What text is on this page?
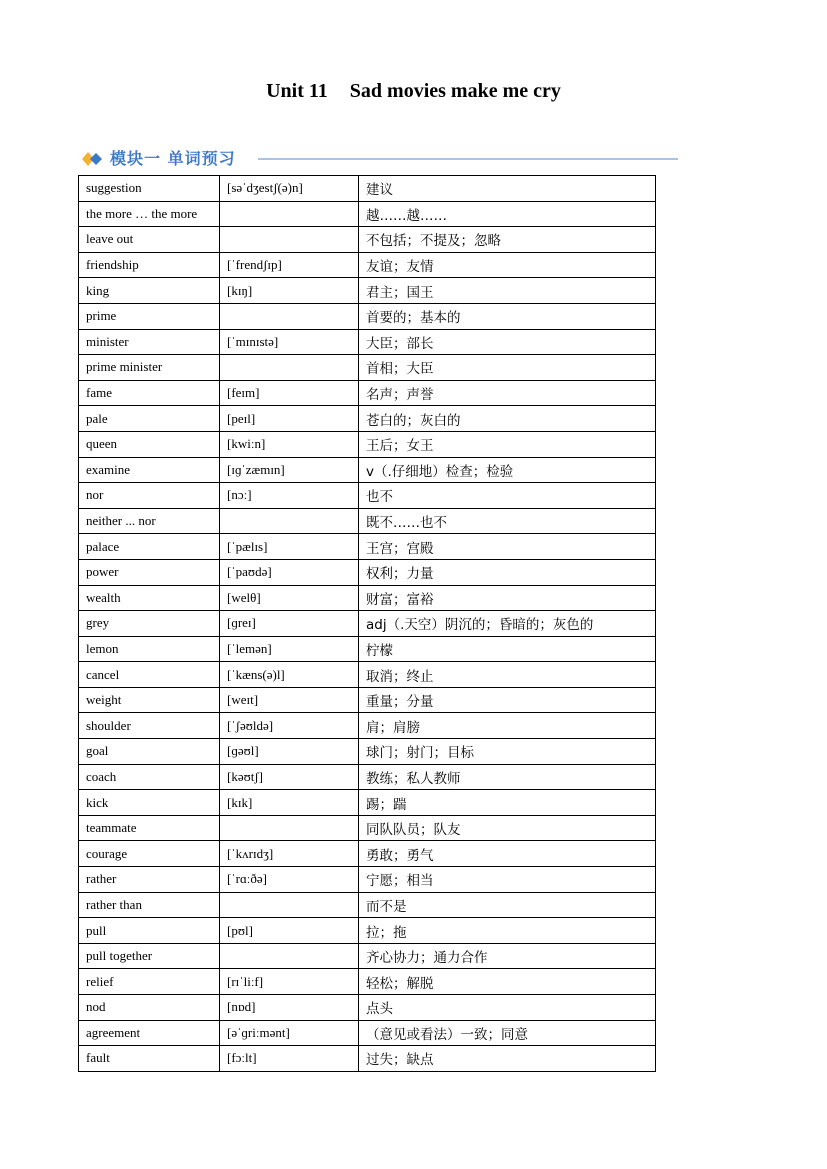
Unit 11 Sad movies make me cry
模块一 单词预习
suggestion	[səˈdʒestʃ(ə)n]	建议
the more … the more		越……越……
leave out		不包括；不提及；忽略
friendship	[ˈfrendʃɪp]	友谊；友情
king	[kɪŋ]	君主；国王
prime		首要的；基本的
minister	[ˈmɪnɪstə]	大臣；部长
prime minister		首相；大臣
fame	[feɪm]	名声；声誉
pale	[peɪl]	苍白的；灰白的
queen	[kwiːn]	王后；女王
examine	[ɪɡˈzæmɪn]	v（.仔细地）检查；检验
nor	[nɔː]	也不
neither ... nor		既不……也不
palace	[ˈpælɪs]	王宫；宫殿
power	[ˈpaʊdə]	权利；力量
wealth	[welθ]	财富；富裕
grey	[ɡreɪ]	adj（.天空）阴沉的；昏暗的；灰色的
lemon	[ˈlemən]	柠檬
cancel	[ˈkæns(ə)l]	取消；终止
weight	[weɪt]	重量；分量
shoulder	[ˈʃəʊldə]	肩；肩膀
goal	[ɡəʊl]	球门；射门；目标
coach	[kəʊtʃ]	教练；私人教师
kick	[kɪk]	踢；踹
teammate		同队队员；队友
courage	[ˈkʌrɪdʒ]	勇敢；勇气
rather	[ˈrɑːðə]	宁愿；相当
rather than		而不是
pull	[pʊl]	拉；拖
pull together		齐心协力；通力合作
relief	[rɪˈliːf]	轻松；解脱
nod	[nɒd]	点头
agreement	[əˈɡriːmənt]	（意见或看法）一致；同意
fault	[fɔːlt]	过失；缺点
